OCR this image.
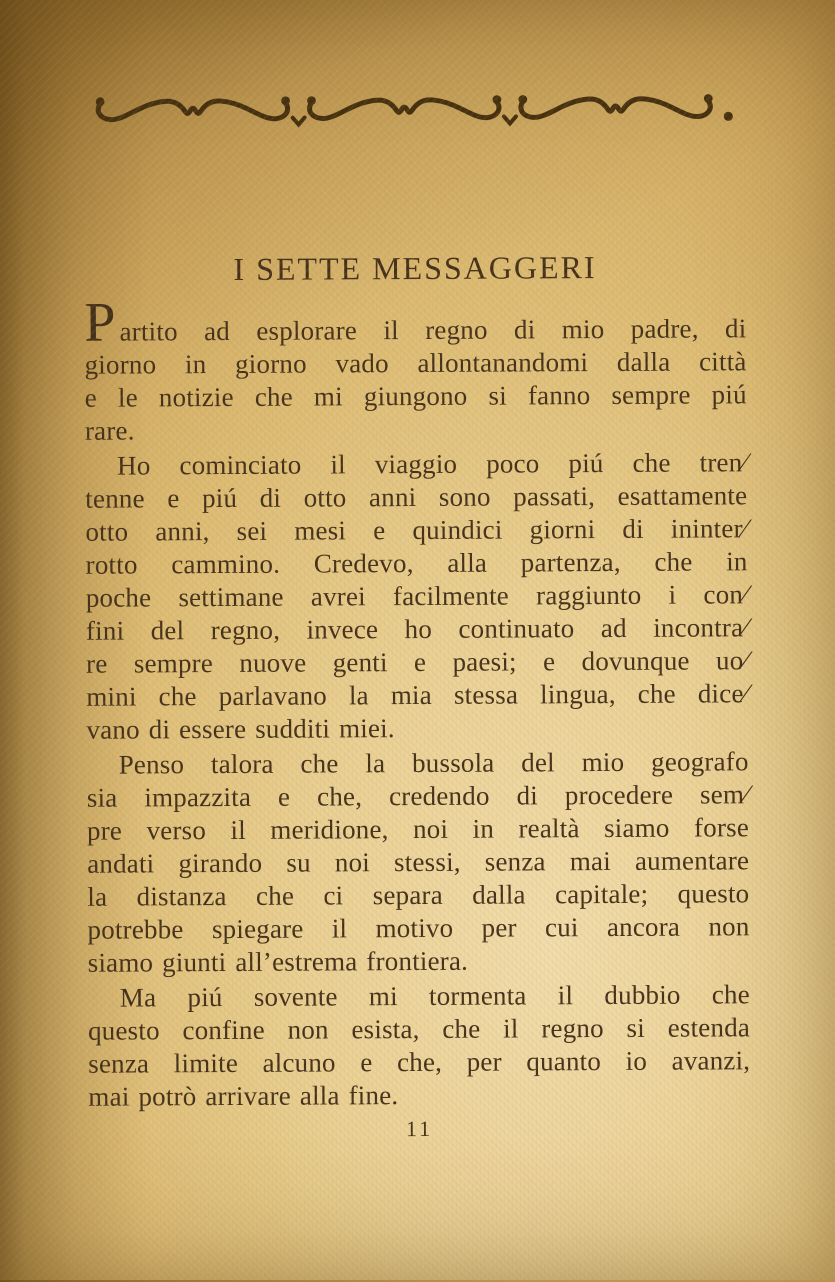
I SETTE MESSAGGERI

Partito ad esplorare il regno di mio padre, di
giorno in giorno vado allontanandomi dalla città
e le notizie che mi giungono si fanno sempre piú
rare.

Ho cominciato il viaggio poco piú che tren∕
tenne e piú di otto anni sono passati, esattamente
otto anni, sei mesi e quindici giorni di ininter∕
rotto cammino. Credevo, alla partenza, che in
poche settimane avrei facilmente raggiunto i con∕
fini del regno, invece ho continuato ad incontra∕
re sempre nuove genti e paesi; e dovunque uo∕
mini che parlavano la mia stessa lingua, che dice∕
vano di essere sudditi miei.

Penso talora che la bussola del mio geografo
sia impazzita e che, credendo di procedere sem∕
pre verso il meridione, noi in realtà siamo forse
andati girando su noi stessi, senza mai aumentare
la distanza che ci separa dalla capitale; questo
potrebbe spiegare il motivo per cui ancora non
siamo giunti all’estrema frontiera.

Ma piú sovente mi tormenta il dubbio che
questo confine non esista, che il regno si estenda
senza limite alcuno e che, per quanto io avanzi,
mai potrò arrivare alla fine.

11
